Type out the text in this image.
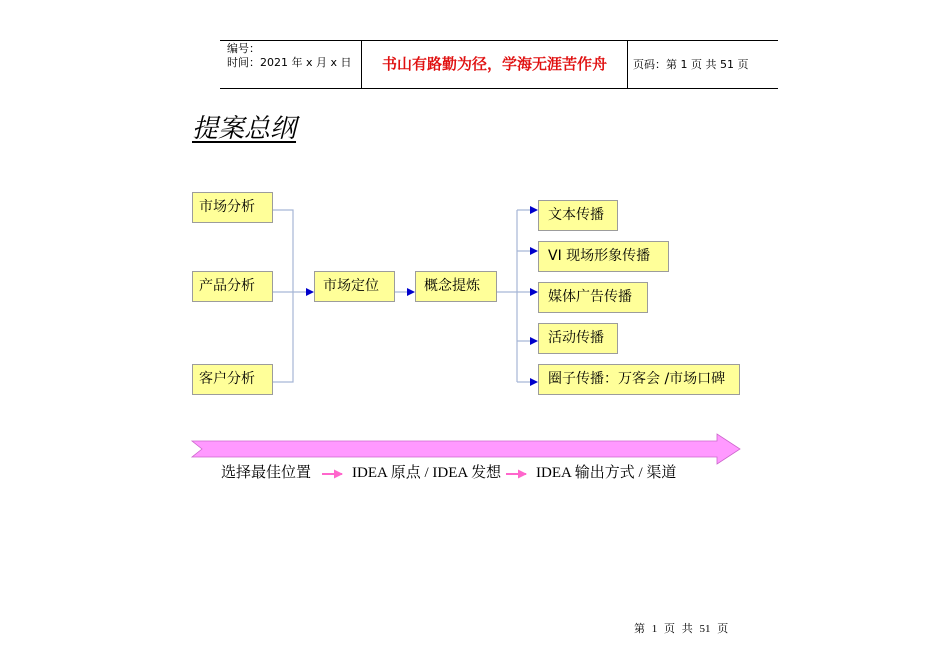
编号：
时间：2021 年 x 月 x 日	书山有路勤为径，学海无涯苦作舟	页码：第 1 页 共 51 页
提案总纲
市场分析
产品分析
客户分析
市场定位	概念提炼
文本传播
VI 现场形象传播
媒体广告传播
活动传播
圈子传播：万客会 /市场口碑
选择最佳位置	IDEA 原点 / IDEA 发想 IDEA 输出方式 / 渠道
第 1 页 共 51 页
